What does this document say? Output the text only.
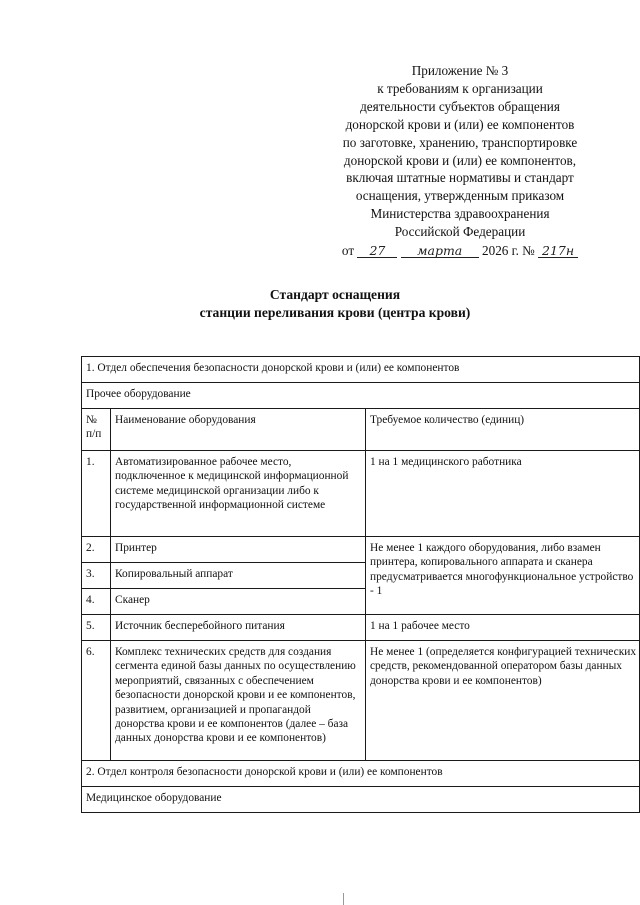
Приложение № 3
к требованиям к организации
деятельности субъектов обращения
донорской крови и (или) ее компонентов
по заготовке, хранению, транспортировке
донорской крови и (или) ее компонентов,
включая штатные нормативы и стандарт
оснащения, утвержденным приказом
Министерства здравоохранения
Российской Федерации
от 27	марта 2026 г. № 217н
Стандарт оснащения
станции переливания крови (центра крови)
1. Отдел обеспечения безопасности донорской крови и (или) ее компонентов		
Прочее оборудование		
№ п/п	Наименование оборудования	Требуемое количество (единиц)
1.	Автоматизированное рабочее место, подключенное к медицинской информационной системе медицинской организации либо к государственной информационной системе	1 на 1 медицинского работника
2.	Принтер	Не менее 1 каждого оборудования, либо взамен принтера, копировального аппарата и сканера предусматривается многофункциональное устройство - 1
3.	Копировальный аппарат	
4.	Сканер	
5.	Источник бесперебойного питания	1 на 1 рабочее место
6.	Комплекс технических средств для создания сегмента единой базы данных по осуществлению мероприятий, связанных с обеспечением безопасности донорской крови и ее компонентов, развитием, организацией и пропагандой донорства крови и ее компонентов (далее – база данных донорства крови и ее компонентов)	Не менее 1 (определяется конфигурацией технических средств, рекомендованной оператором базы данных донорства крови и ее компонентов)
2. Отдел контроля безопасности донорской крови и (или) ее компонентов		
Медицинское оборудование		
